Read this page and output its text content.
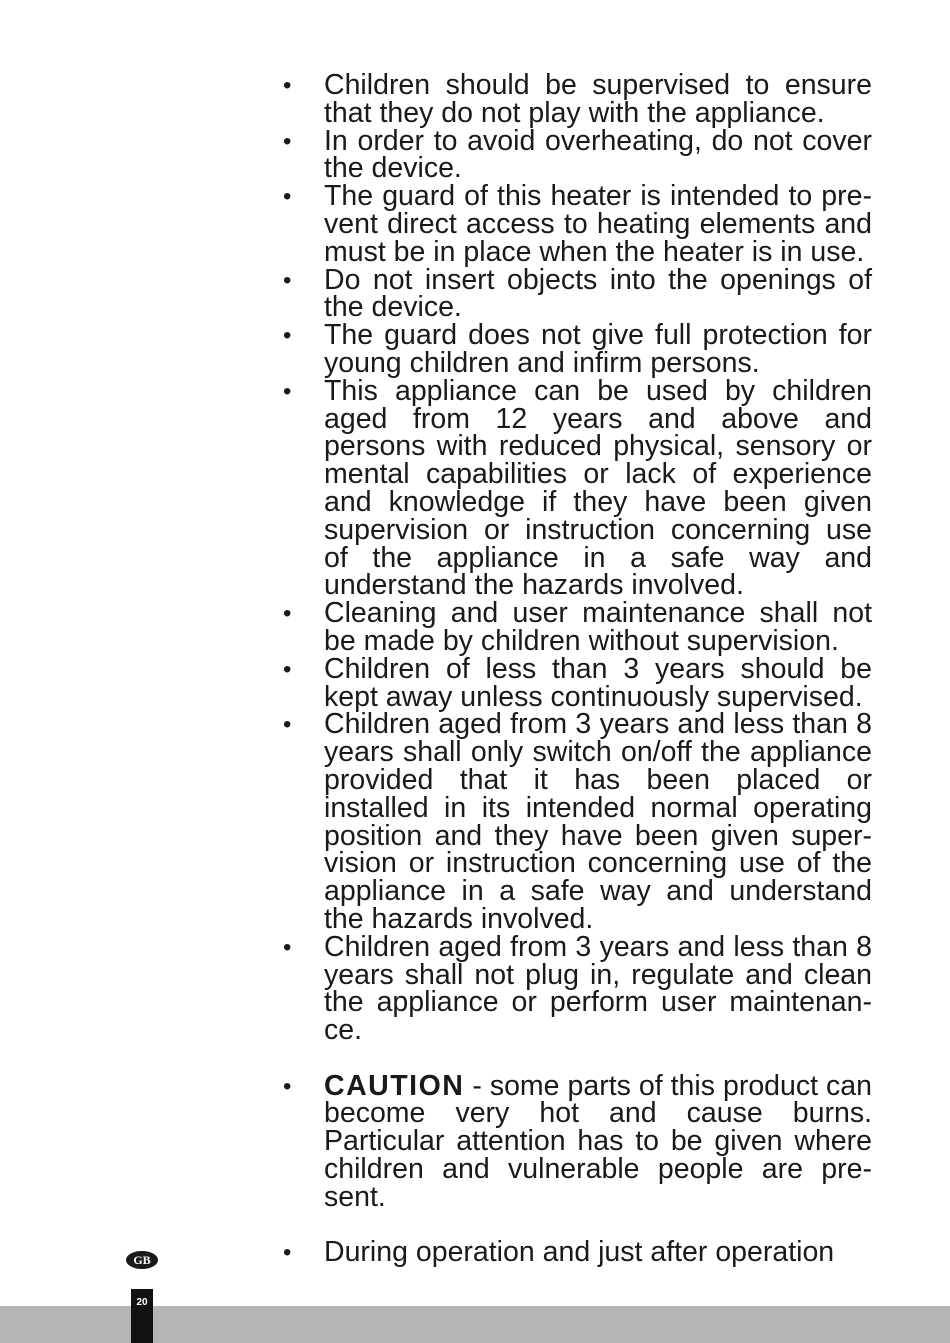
• Children should be supervised to ensure that they do not play with the appliance.
• In order to avoid overheating, do not cover the device.
• The guard of this heater is intended to prevent direct access to heating elements and must be in place when the heater is in use.
• Do not insert objects into the openings of the device.
• The guard does not give full protection for young children and infirm persons.
• This appliance can be used by children aged from 12 years and above and persons with reduced physical, sensory or mental capabilities or lack of experience and knowledge if they have been given supervision or instruction concerning use of the appliance in a safe way and understand the hazards involved.
• Cleaning and user maintenance shall not be made by children without supervision.
• Children of less than 3 years should be kept away unless continuously supervised.
• Children aged from 3 years and less than 8 years shall only switch on/off the appliance provided that it has been placed or installed in its intended normal operating position and they have been given supervision or instruction concerning use of the appliance in a safe way and understand the hazards involved.
• Children aged from 3 years and less than 8 years shall not plug in, regulate and clean the appliance or perform user maintenance.
• CAUTION - some parts of this product can become very hot and cause burns. Particular attention has to be given where children and vulnerable people are present.
• During operation and just after operation
GB
20
